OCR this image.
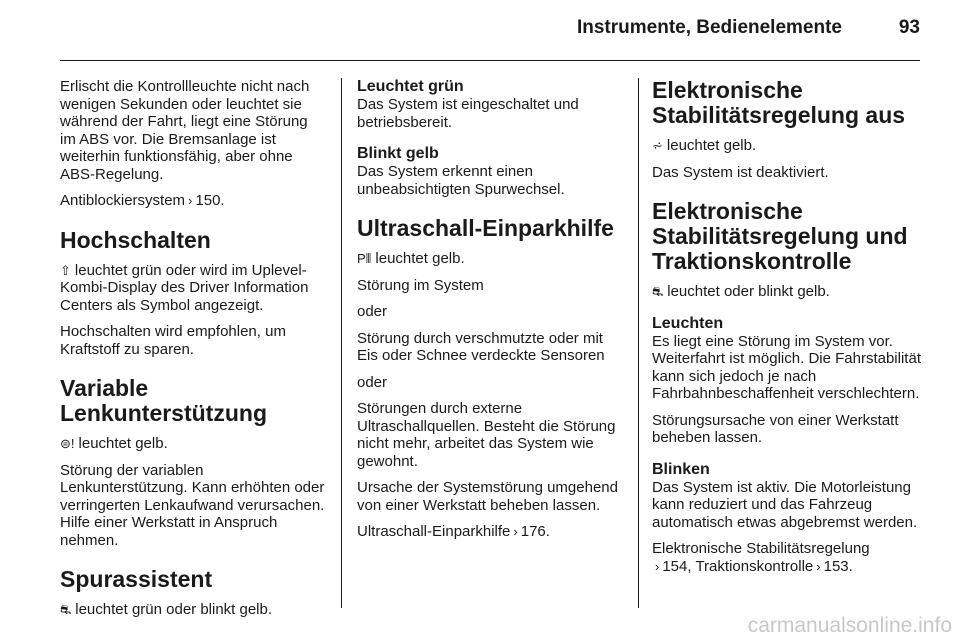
Instrumente, Bedienelemente	93

Erlischt die Kontrollleuchte nicht nach wenigen Sekunden oder leuchtet sie während der Fahrt, liegt eine Störung im ABS vor. Die Bremsanlage ist weiterhin funktionsfähig, aber ohne ABS-Regelung.

Antiblockiersystem › 150.

Hochschalten

⇧ leuchtet grün oder wird im Uplevel-Kombi-Display des Driver Information Centers als Symbol angezeigt.

Hochschalten wird empfohlen, um Kraftstoff zu sparen.

Variable Lenkunterstützung

⊜! leuchtet gelb.

Störung der variablen Lenkunterstützung. Kann erhöhten oder verringerten Lenkaufwand verursachen. Hilfe einer Werkstatt in Anspruch nehmen.

Spurassistent

⛐ leuchtet grün oder blinkt gelb.

Leuchtet grün

Das System ist eingeschaltet und betriebsbereit.

Blinkt gelb

Das System erkennt einen unbeabsichtigten Spurwechsel.

Ultraschall-Einparkhilfe

P⦀ leuchtet gelb.

Störung im System

oder

Störung durch verschmutzte oder mit Eis oder Schnee verdeckte Sensoren

oder

Störungen durch externe Ultraschallquellen. Besteht die Störung nicht mehr, arbeitet das System wie gewohnt.

Ursache der Systemstörung umgehend von einer Werkstatt beheben lassen.

Ultraschall-Einparkhilfe › 176.

Elektronische Stabilitätsregelung aus

⩫ leuchtet gelb.

Das System ist deaktiviert.

Elektronische Stabilitätsregelung und Traktionskontrolle

⛐ leuchtet oder blinkt gelb.

Leuchten

Es liegt eine Störung im System vor. Weiterfahrt ist möglich. Die Fahrstabilität kann sich jedoch je nach Fahrbahnbeschaffenheit verschlechtern.

Störungsursache von einer Werkstatt beheben lassen.

Blinken

Das System ist aktiv. Die Motorleistung kann reduziert und das Fahrzeug automatisch etwas abgebremst werden.

Elektronische Stabilitätsregelung
› 154, Traktionskontrolle › 153.

carmanualsonline.info
